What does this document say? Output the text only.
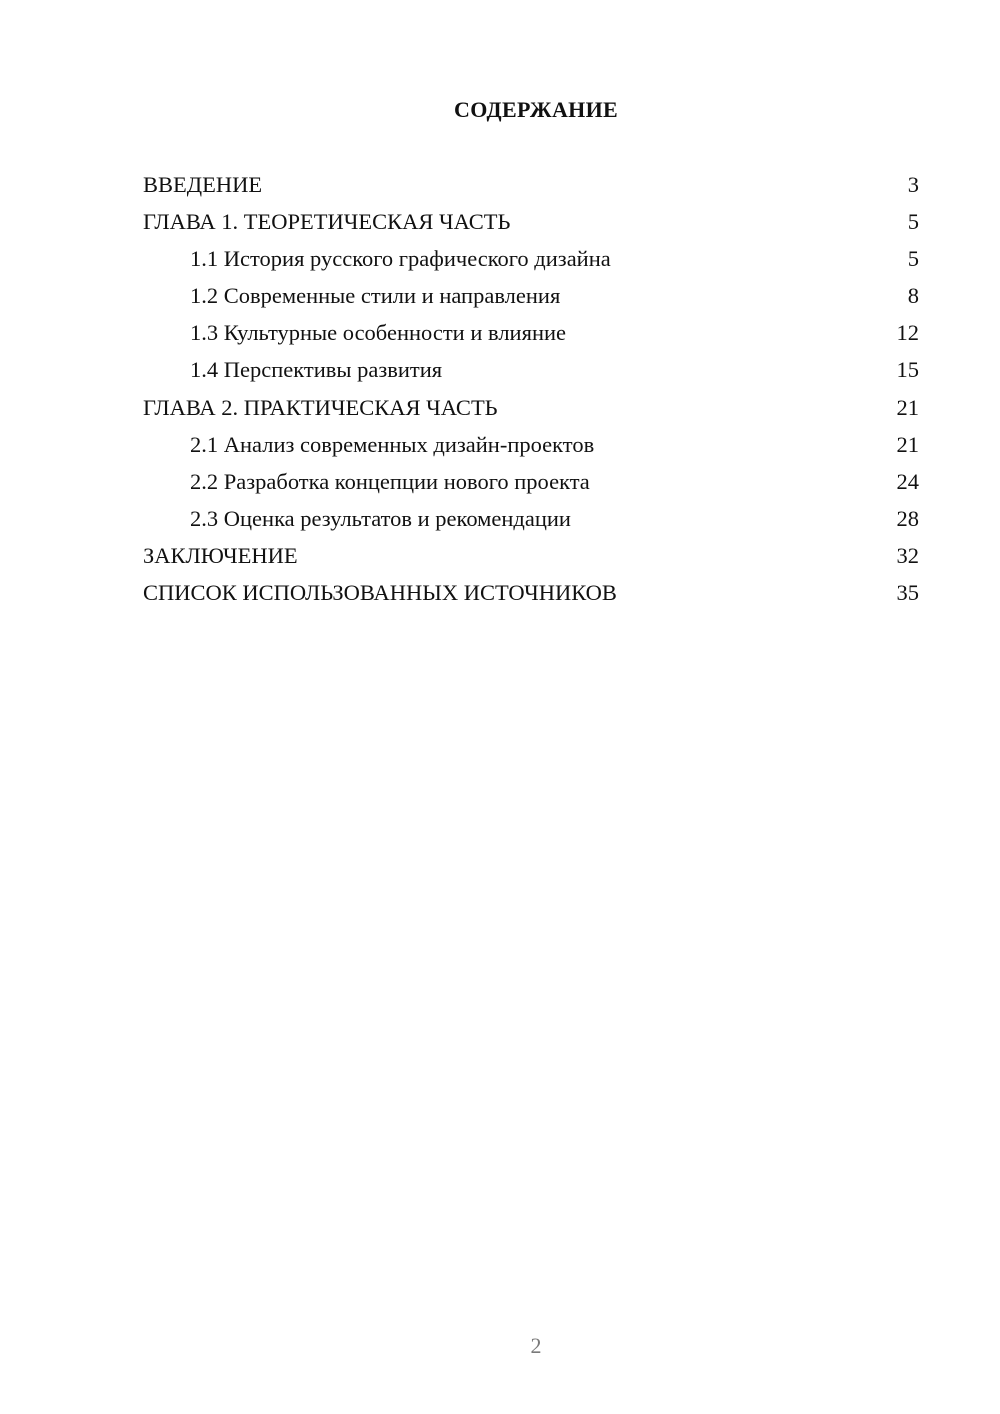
СОДЕРЖАНИЕ
ВВЕДЕНИЕ	3
ГЛАВА 1. ТЕОРЕТИЧЕСКАЯ ЧАСТЬ	5
1.1 История русского графического дизайна	5
1.2 Современные стили и направления	8
1.3 Культурные особенности и влияние	12
1.4 Перспективы развития	15
ГЛАВА 2. ПРАКТИЧЕСКАЯ ЧАСТЬ	21
2.1 Анализ современных дизайн-проектов	21
2.2 Разработка концепции нового проекта	24
2.3 Оценка результатов и рекомендации	28
ЗАКЛЮЧЕНИЕ	32
СПИСОК ИСПОЛЬЗОВАННЫХ ИСТОЧНИКОВ	35
2
